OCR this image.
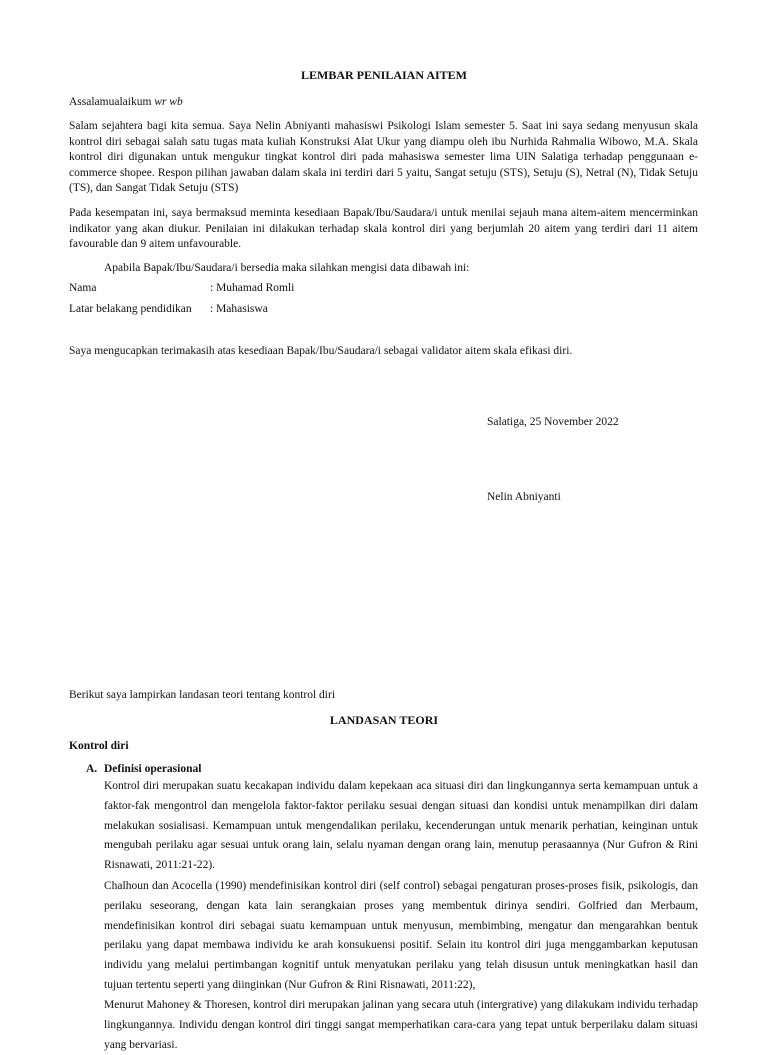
LEMBAR PENILAIAN AITEM
Assalamualaikum wr wb
Salam sejahtera bagi kita semua. Saya Nelin Abniyanti mahasiswi Psikologi Islam semester 5. Saat ini saya sedang menyusun skala kontrol diri sebagai salah satu tugas mata kuliah Konstruksi Alat Ukur yang diampu oleh ibu Nurhida Rahmalia Wibowo, M.A. Skala kontrol diri digunakan untuk mengukur tingkat kontrol diri pada mahasiswa semester lima UIN Salatiga terhadap penggunaan e-commerce shopee. Respon pilihan jawaban dalam skala ini terdiri dari 5 yaitu, Sangat setuju (STS), Setuju (S), Netral (N), Tidak Setuju (TS), dan Sangat Tidak Setuju (STS)
Pada kesempatan ini, saya bermaksud meminta kesediaan Bapak/Ibu/Saudara/i untuk menilai sejauh mana aitem-aitem mencerminkan indikator yang akan diukur. Penilaian ini dilakukan terhadap skala kontrol diri yang berjumlah 20 aitem yang terdiri dari 11 aitem favourable dan 9 aitem unfavourable.
Apabila Bapak/Ibu/Saudara/i bersedia maka silahkan mengisi data dibawah ini:
Nama	: Muhamad Romli
Latar belakang pendidikan : Mahasiswa
Saya mengucapkan terimakasih atas kesediaan Bapak/Ibu/Saudara/i sebagai validator aitem skala efikasi diri.
Salatiga, 25 November 2022
Nelin Abniyanti
Berikut saya lampirkan landasan teori tentang kontrol diri
LANDASAN TEORI
Kontrol diri
A. Definisi operasional
Kontrol diri merupakan suatu kecakapan individu dalam kepekaan aca situasi diri dan lingkungannya serta kemampuan untuk a faktor-fak mengontrol dan mengelola faktor-faktor perilaku sesuai dengan situasi dan kondisi untuk menampilkan diri dalam melakukan sosialisasi. Kemampuan untuk mengendalikan perilaku, kecenderungan untuk menarik perhatian, keinginan untuk mengubah perilaku agar sesuai untuk orang lain, selalu nyaman dengan orang lain, menutup perasaannya (Nur Gufron & Rini Risnawati, 2011:21-22).
Chalhoun dan Acocella (1990) mendefinisikan kontrol diri (self control) sebagai pengaturan proses-proses fisik, psikologis, dan perilaku seseorang, dengan kata lain serangkaian proses yang membentuk dirinya sendiri. Golfried dan Merbaum, mendefinisikan kontrol diri sebagai suatu kemampuan untuk menyusun, membimbing, mengatur dan mengarahkan bentuk perilaku yang dapat membawa individu ke arah konsukuensi positif. Selain itu kontrol diri juga menggambarkan keputusan individu yang melalui pertimbangan kognitif untuk menyatukan perilaku yang telah disusun untuk meningkatkan hasil dan tujuan tertentu seperti yang diinginkan (Nur Gufron & Rini Risnawati, 2011:22),
Menurut Mahoney & Thoresen, kontrol diri merupakan jalinan yang secara utuh (intergrative) yang dilakukam individu terhadap lingkungannya. Individu dengan kontrol diri tinggi sangat memperhatikan cara-cara yang tepat untuk berperilaku dalam situasi yang bervariasi.
